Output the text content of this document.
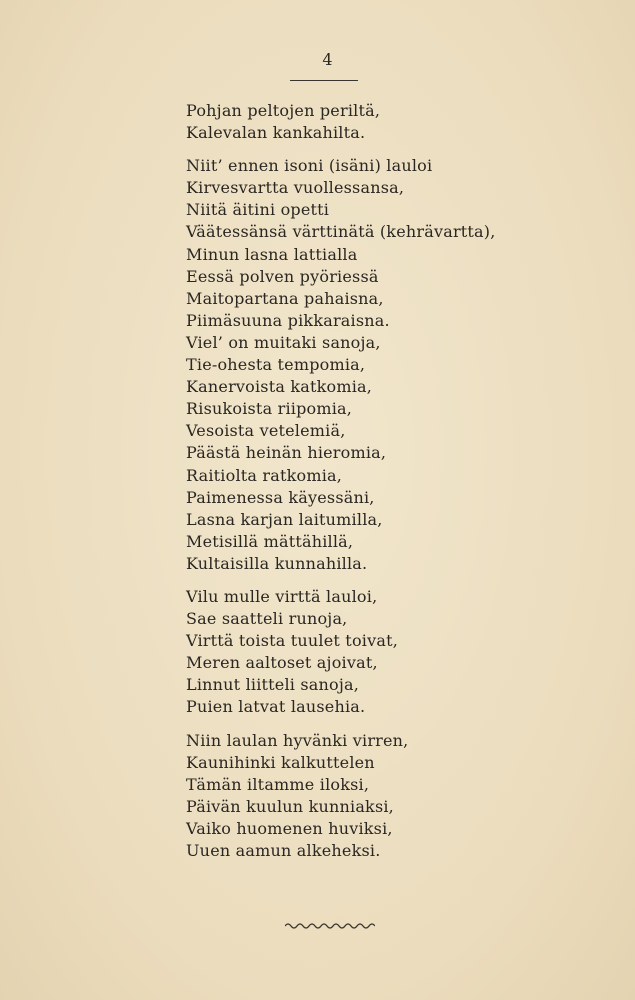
4

Pohjan peltojen periltä,
Kalevalan kankahilta.

Niit’ ennen isoni (isäni) lauloi
Kirvesvartta vuollessansa,
Niitä äitini opetti
Väätessänsä värttinätä (kehrävartta),
Minun lasna lattialla
Eessä polven pyöriessä
Maitopartana pahaisna,
Piimäsuuna pikkaraisna.
Viel’ on muitaki sanoja,
Tie-ohesta tempomia,
Kanervoista katkomia,
Risukoista riipomia,
Vesoista vetelemiä,
Päästä heinän hieromia,
Raitiolta ratkomia,
Paimenessa käyessäni,
Lasna karjan laitumilla,
Metisillä mättähillä,
Kultaisilla kunnahilla.

Vilu mulle virttä lauloi,
Sae saatteli runoja,
Virttä toista tuulet toivat,
Meren aaltoset ajoivat,
Linnut liitteli sanoja,
Puien latvat lausehia.

Niin laulan hyvänki virren,
Kaunihinki kalkuttelen
Tämän iltamme iloksi,
Päivän kuulun kunniaksi,
Vaiko huomenen huviksi,
Uuen aamun alkeheksi.
